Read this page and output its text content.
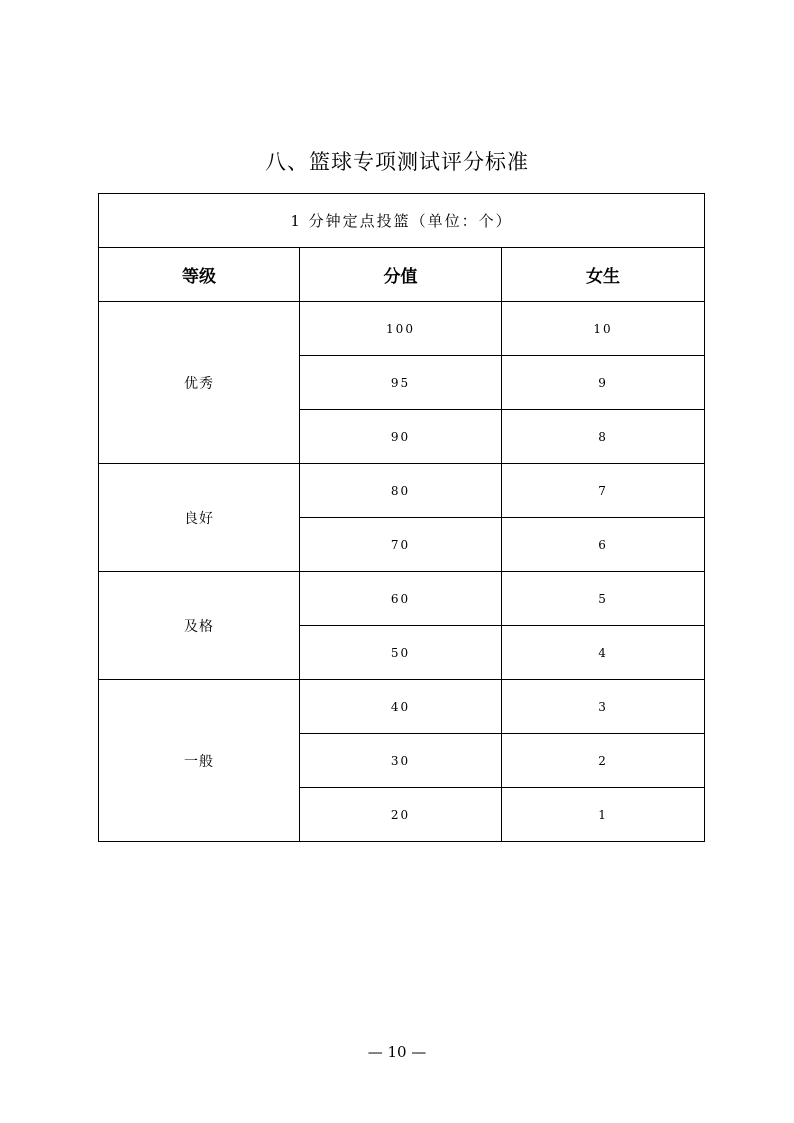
八、篮球专项测试评分标准
1 分钟定点投篮（单位：个）		
等级	分值	女生
优秀	100	10
	95	9
	90	8
良好	80	7
	70	6
及格	60	5
	50	4
一般	40	3
	30	2
	20	1
— 10 —
